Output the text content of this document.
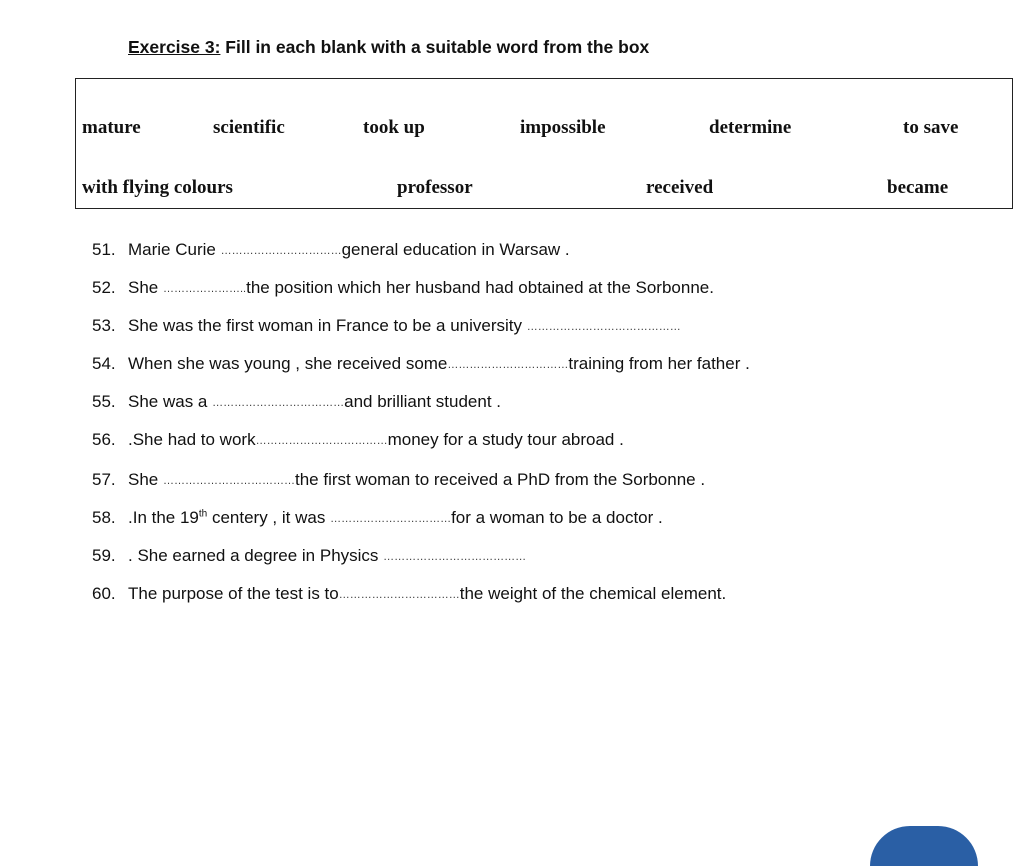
Exercise 3: Fill in each blank with a suitable word from the box
mature	scientific	took up	impossible	determine	to save
with flying colours	professor	received	became
51. Marie Curie ……………………………general education in Warsaw .
52. She …………………..the position which her husband had obtained at the Sorbonne.
53. She was the first woman in France to be a university ……………………………………
54. When she was young , she received some……………………………training from her father .
55. She was a ………………………………and brilliant student .
56. .She had to work………………………………money for a study tour abroad .
57. She ………………………………the first woman to received a PhD from the Sorbonne .
58. .In the 19th centery , it was ……………………………for a woman to be a doctor .
59. . She earned a degree in Physics …………………………………
60. The purpose of the test is to……………………………the weight of the chemical element.
